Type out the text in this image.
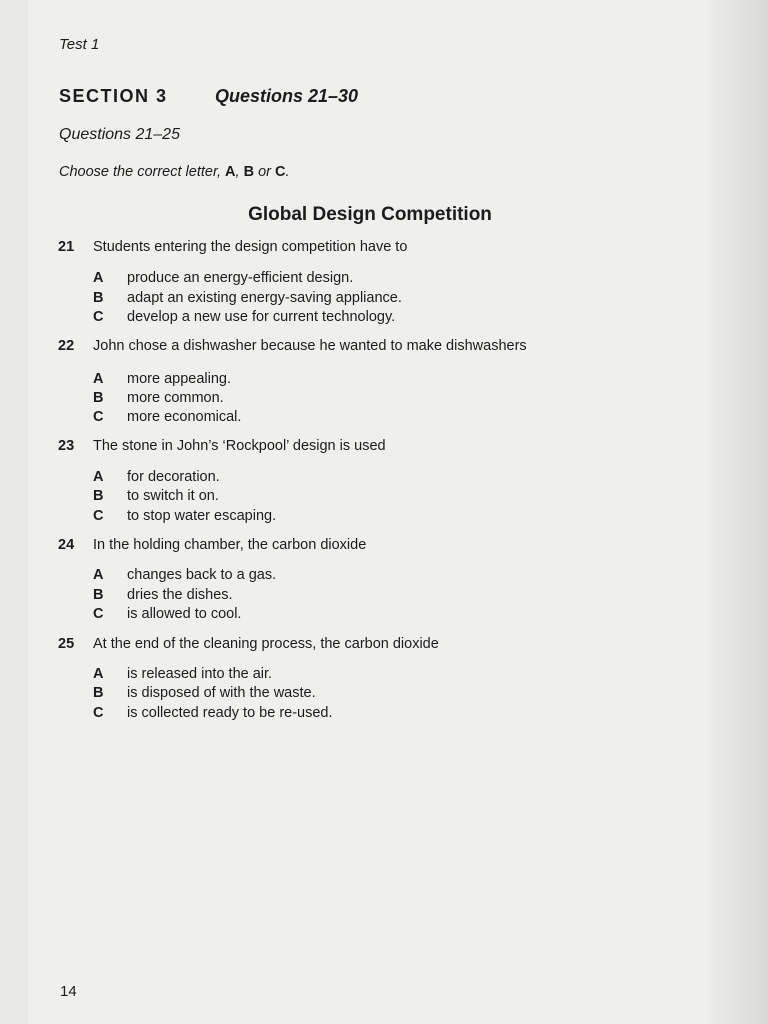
Test 1
SECTION 3	Questions 21–30
Questions 21–25
Choose the correct letter, A, B or C.
Global Design Competition
21 Students entering the design competition have to
A produce an energy-efficient design.
B adapt an existing energy-saving appliance.
C develop a new use for current technology.
22 John chose a dishwasher because he wanted to make dishwashers
A more appealing.
B more common.
C more economical.
23 The stone in John’s ‘Rockpool’ design is used
A for decoration.
B to switch it on.
C to stop water escaping.
24 In the holding chamber, the carbon dioxide
A changes back to a gas.
B dries the dishes.
C is allowed to cool.
25 At the end of the cleaning process, the carbon dioxide
A is released into the air.
B is disposed of with the waste.
C is collected ready to be re-used.
14
